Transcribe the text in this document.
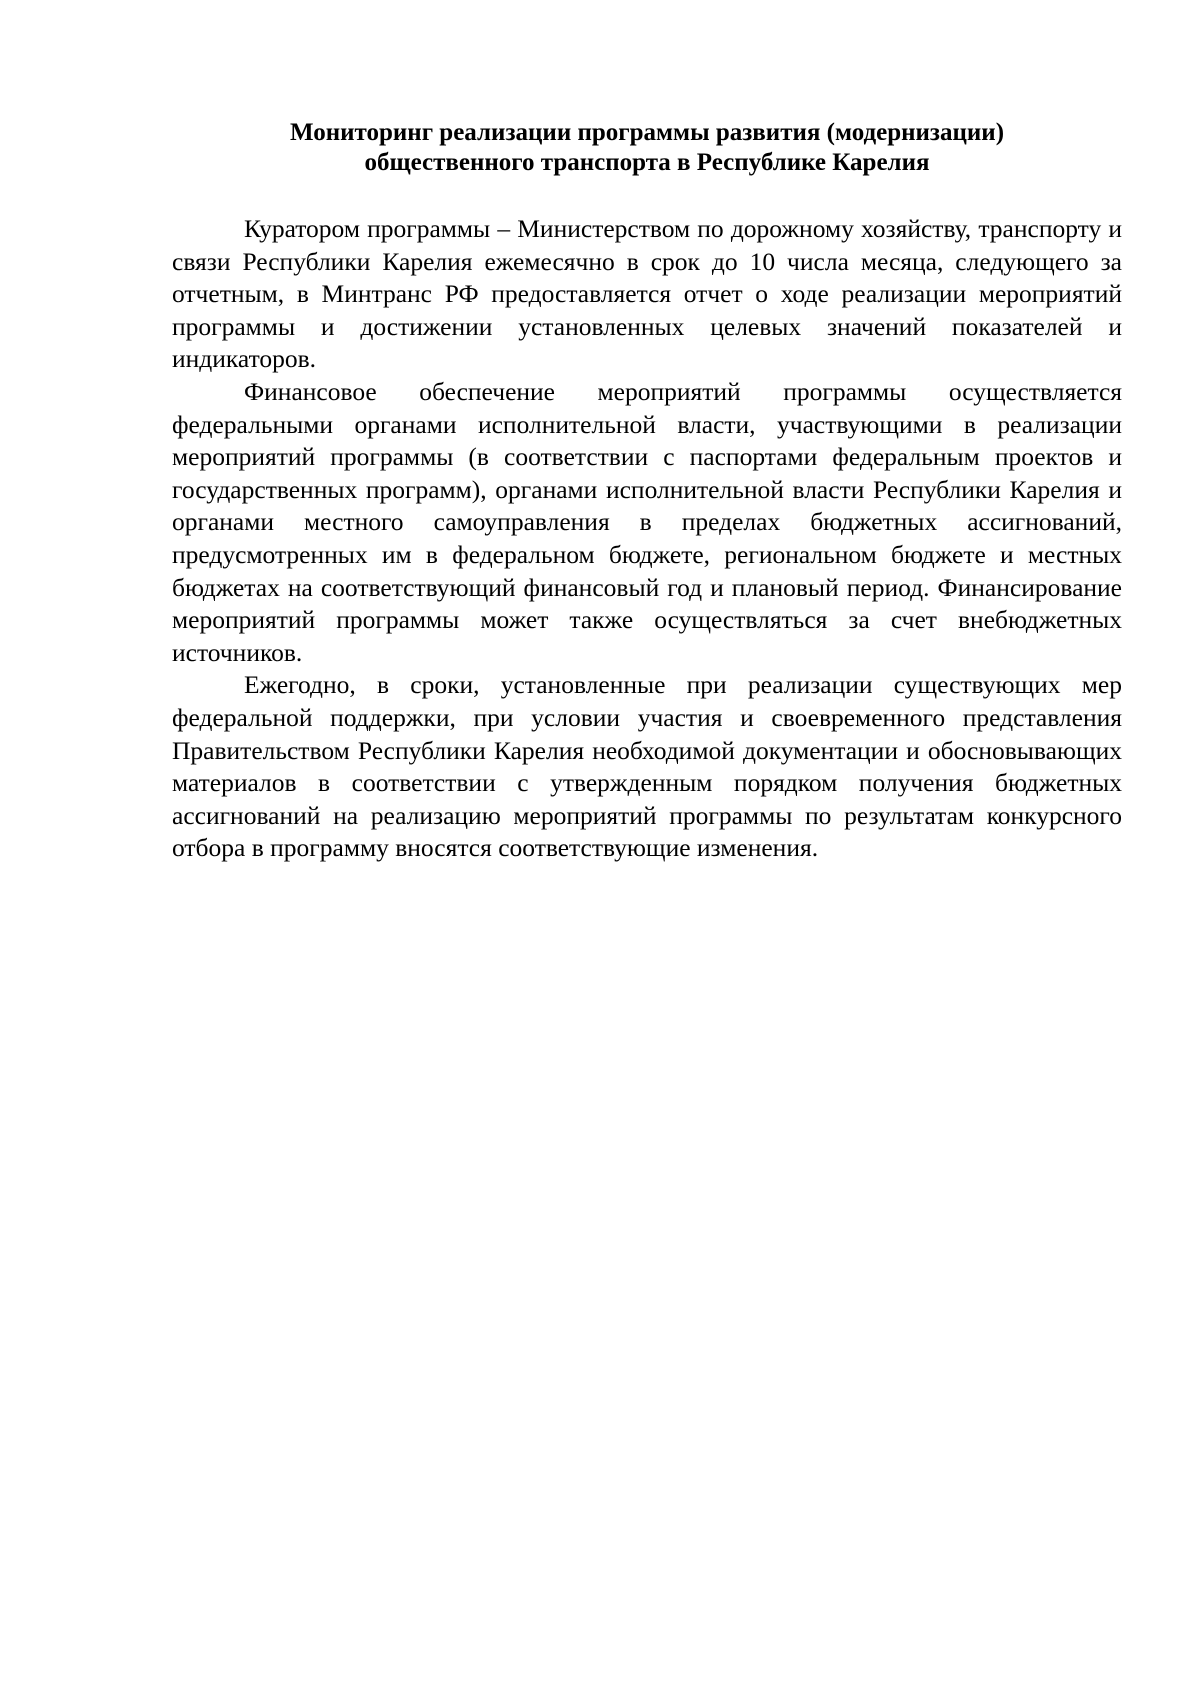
Мониторинг реализации программы развития (модернизации)
общественного транспорта в Республике Карелия

Куратором программы – Министерством по дорожному хозяйству, транспорту и связи Республики Карелия ежемесячно в срок до 10 числа месяца, следующего за отчетным, в Минтранс РФ предоставляется отчет о ходе реализации мероприятий программы и достижении установленных целевых значений показателей и индикаторов.

Финансовое обеспечение мероприятий программы осуществляется федеральными органами исполнительной власти, участвующими в реализации мероприятий программы (в соответствии с паспортами федеральным проектов и государственных программ), органами исполнительной власти Республики Карелия и органами местного самоуправления в пределах бюджетных ассигнований, предусмотренных им в федеральном бюджете, региональном бюджете и местных бюджетах на соответствующий финансовый год и плановый период. Финансирование мероприятий программы может также осуществляться за счет внебюджетных источников.

Ежегодно, в сроки, установленные при реализации существующих мер федеральной поддержки, при условии участия и своевременного представления Правительством Республики Карелия необходимой документации и обосновывающих материалов в соответствии с утвержденным порядком получения бюджетных ассигнований на реализацию мероприятий программы по результатам конкурсного отбора в программу вносятся соответствующие изменения.
